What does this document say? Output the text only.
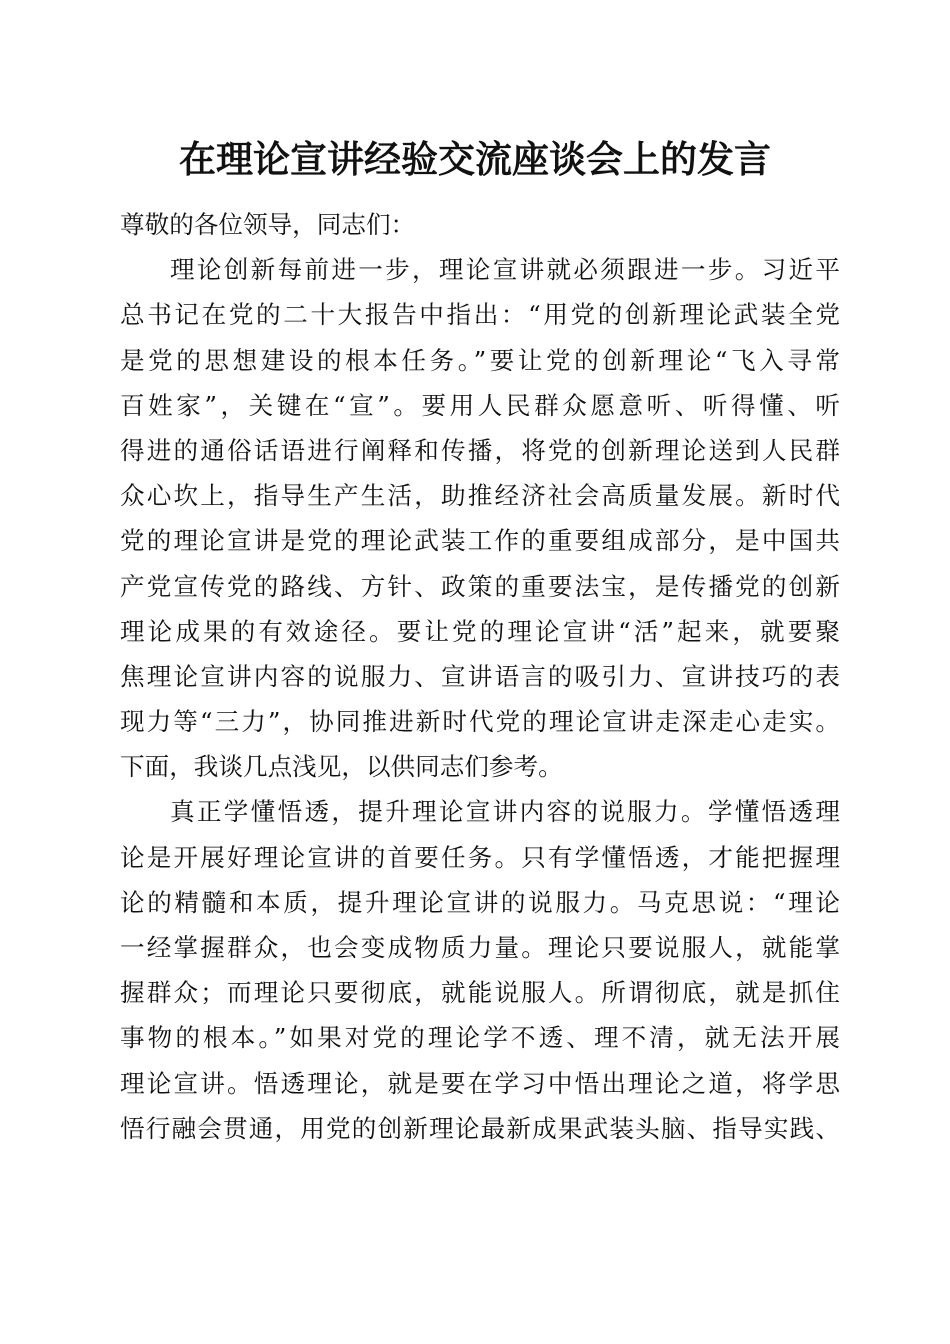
在理论宣讲经验交流座谈会上的发言
尊敬的各位领导，同志们：
理论创新每前进一步，理论宣讲就必须跟进一步。习近平
总书记在党的二十大报告中指出：“用党的创新理论武装全党
是党的思想建设的根本任务。”要让党的创新理论“飞入寻常
百姓家”，关键在“宣”。要用人民群众愿意听、听得懂、听
得进的通俗话语进行阐释和传播，将党的创新理论送到人民群
众心坎上，指导生产生活，助推经济社会高质量发展。新时代
党的理论宣讲是党的理论武装工作的重要组成部分，是中国共
产党宣传党的路线、方针、政策的重要法宝，是传播党的创新
理论成果的有效途径。要让党的理论宣讲“活”起来，就要聚
焦理论宣讲内容的说服力、宣讲语言的吸引力、宣讲技巧的表
现力等“三力”，协同推进新时代党的理论宣讲走深走心走实。
下面，我谈几点浅见，以供同志们参考。
真正学懂悟透，提升理论宣讲内容的说服力。学懂悟透理
论是开展好理论宣讲的首要任务。只有学懂悟透，才能把握理
论的精髓和本质，提升理论宣讲的说服力。马克思说：“理论
一经掌握群众，也会变成物质力量。理论只要说服人，就能掌
握群众；而理论只要彻底，就能说服人。所谓彻底，就是抓住
事物的根本。”如果对党的理论学不透、理不清，就无法开展
理论宣讲。悟透理论，就是要在学习中悟出理论之道，将学思
悟行融会贯通，用党的创新理论最新成果武装头脑、指导实践、
